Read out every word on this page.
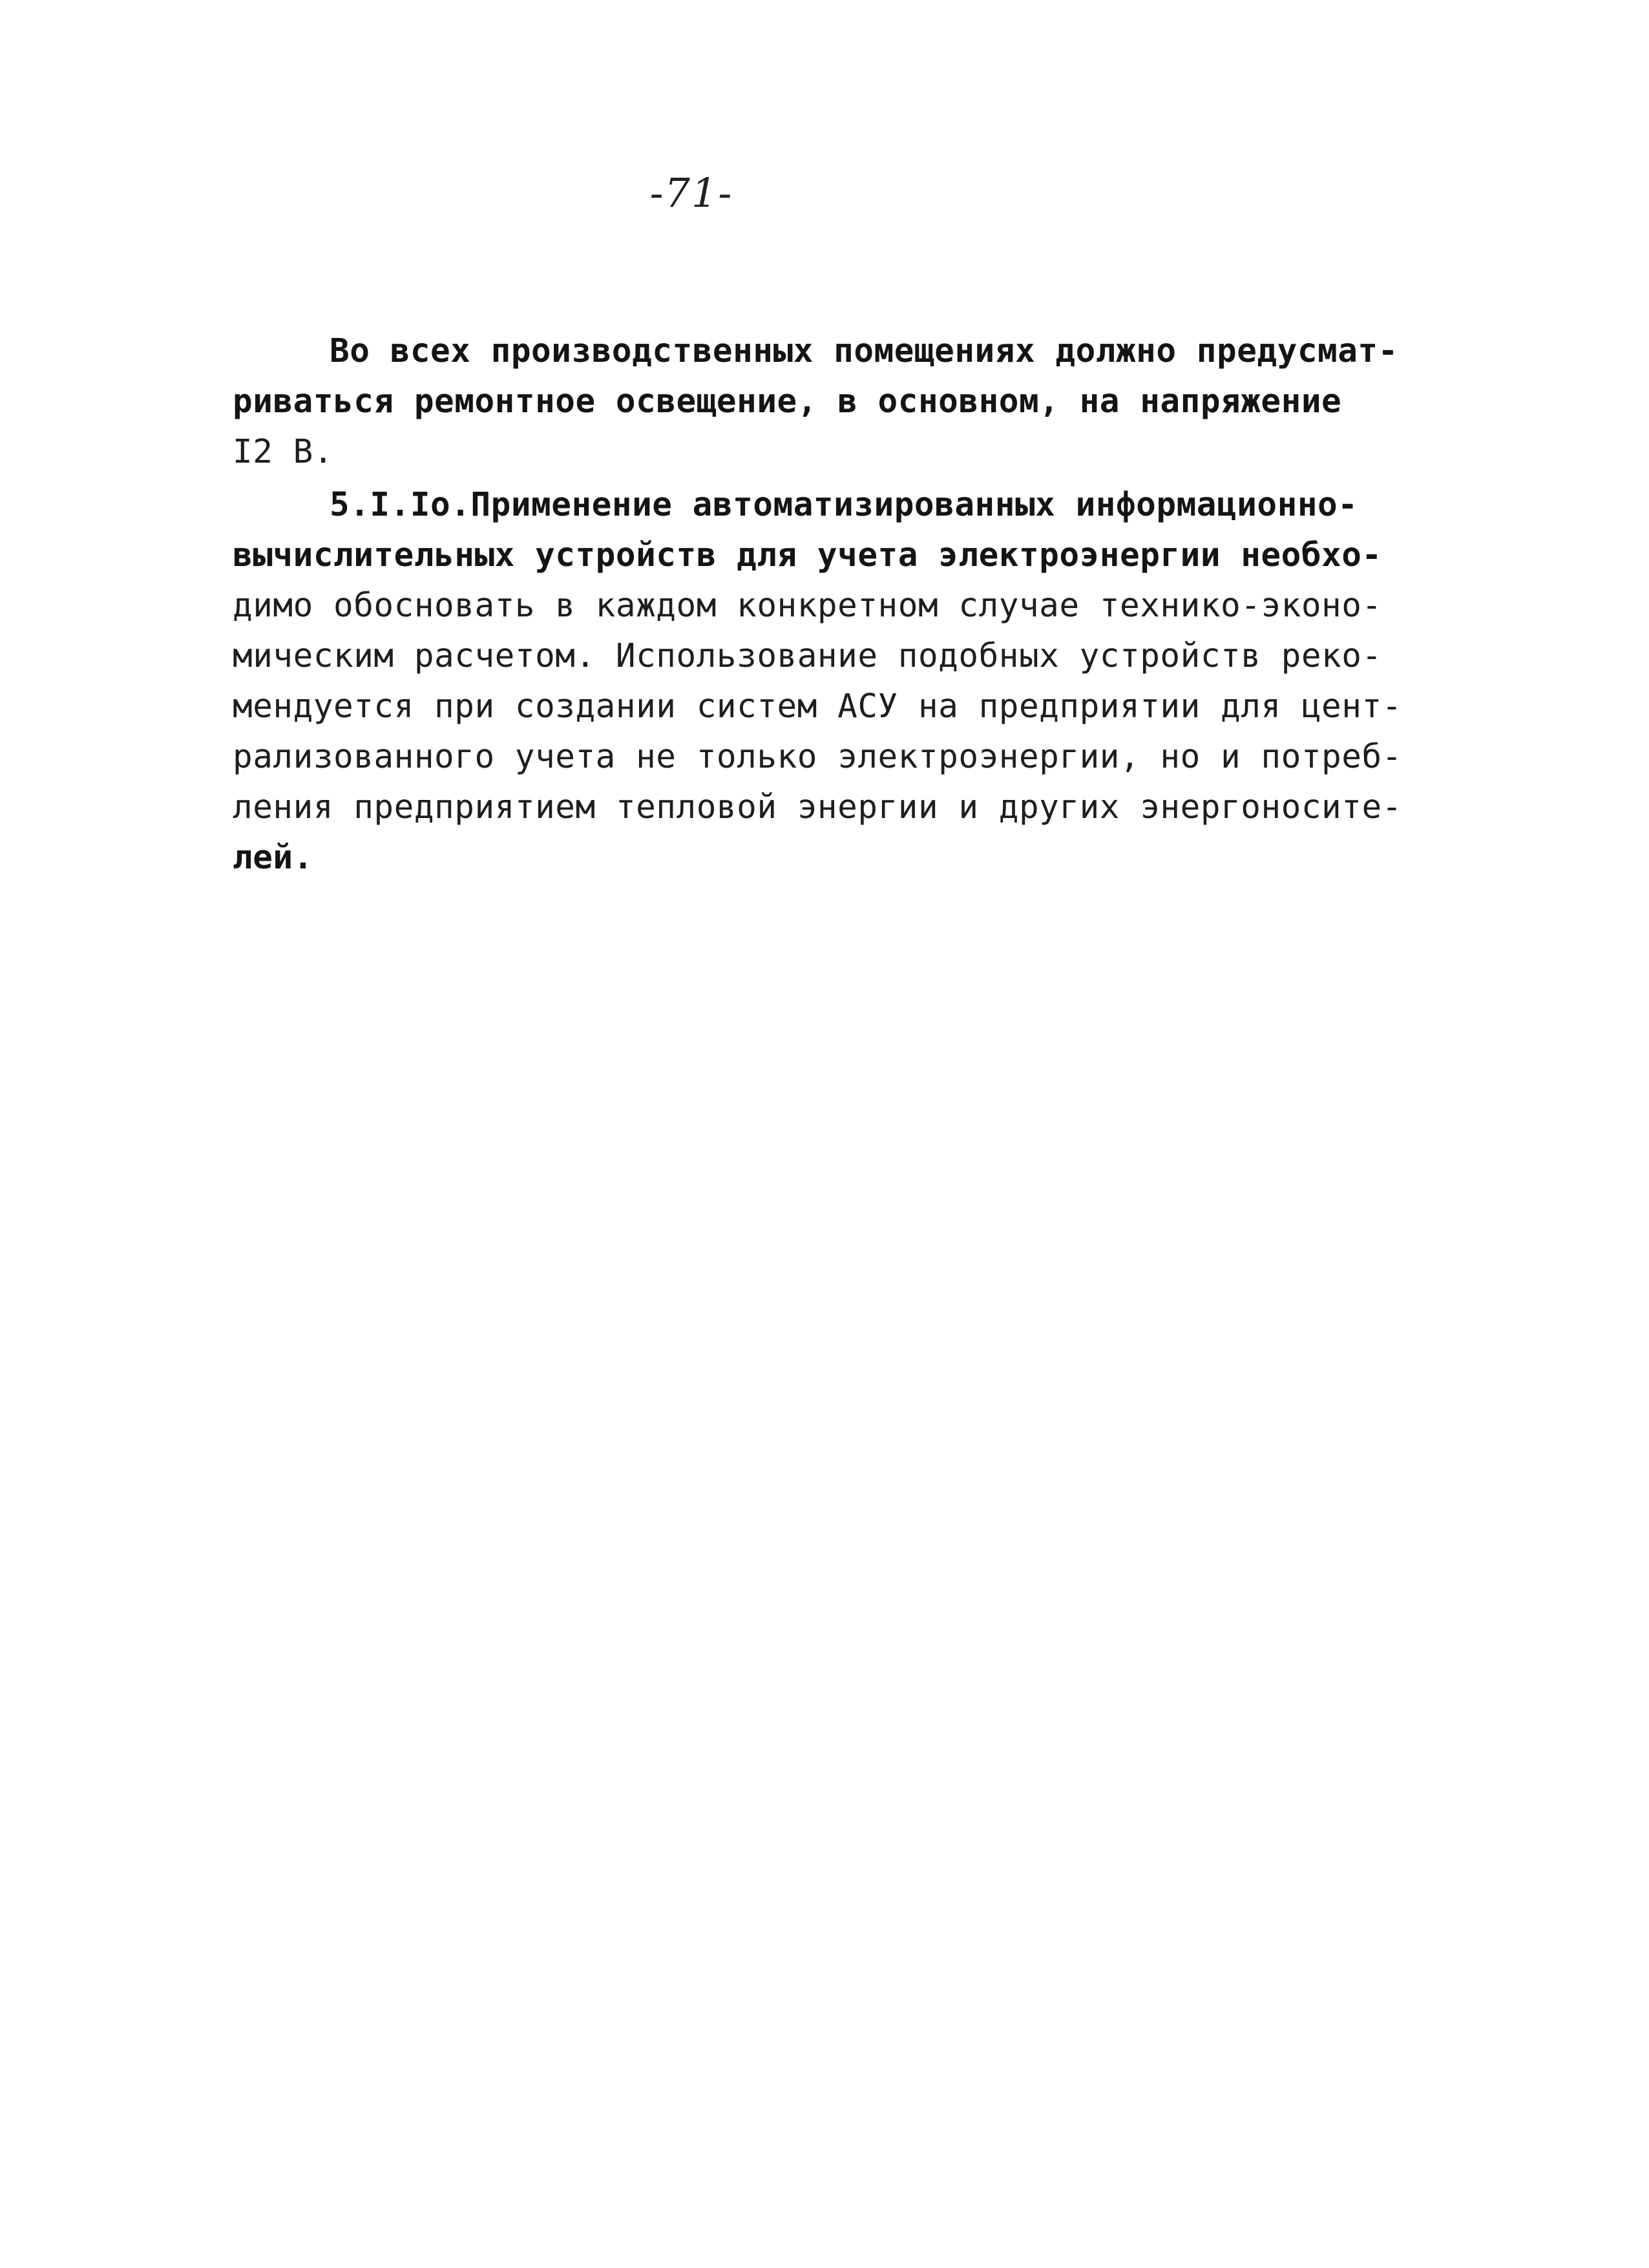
-71-
Во всех производственных помещениях должно предусмат-
риваться ремонтное освещение, в основном, на напряжение
I2 В.
5.I.Io.Применение автоматизированных информационно-
вычислительных устройств для учета электроэнергии необхо-
димо обосновать в каждом конкретном случае технико-эконо-
мическим расчетом. Использование подобных устройств реко-
мендуется при создании систем АСУ на предприятии для цент-
рализованного учета не только электроэнергии, но и потреб-
ления предприятием тепловой энергии и других энергоносите-
лей.
